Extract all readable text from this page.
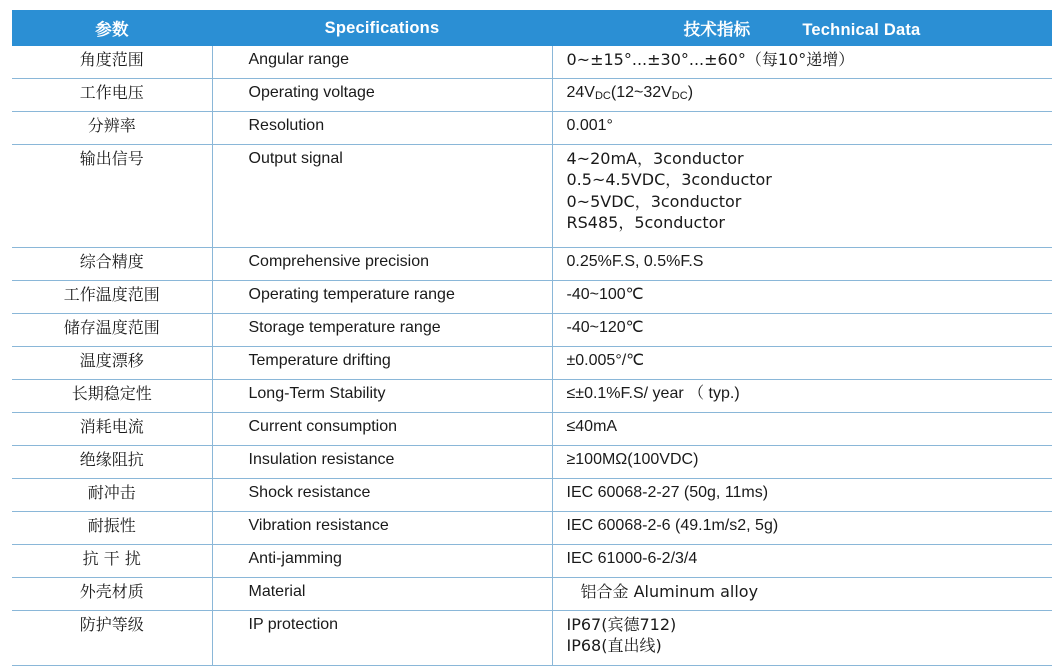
参数	Specifications	技术指标 Technical Data

角度范围	Angular range	0~±15°...±30°...±60°（每10°递增）
工作电压	Operating voltage	24VDC(12~32VDC)
分辨率	Resolution	0.001°
输出信号	Output signal	4~20mA，3conductor
0.5~4.5VDC，3conductor
0~5VDC，3conductor
RS485，5conductor

综合精度	Comprehensive precision	0.25%F.S, 0.5%F.S
工作温度范围	Operating temperature range	-40~100℃
储存温度范围	Storage temperature range	-40~120℃
温度漂移	Temperature drifting	±0.005°/℃
长期稳定性	Long-Term Stability	≤±0.1%F.S/ year （ typ.)
消耗电流	Current consumption	≤40mA
绝缘阻抗	Insulation resistance	≥100MΩ(100VDC)
耐冲击	Shock resistance	IEC 60068-2-27 (50g, 11ms)
耐振性	Vibration resistance	IEC 60068-2-6 (49.1m/s2, 5g)
抗 干 扰	Anti-jamming	IEC 61000-6-2/3/4
外壳材质	Material	铝合金 Aluminum alloy
防护等级	IP protection	IP67(宾德712)
IP68(直出线)
